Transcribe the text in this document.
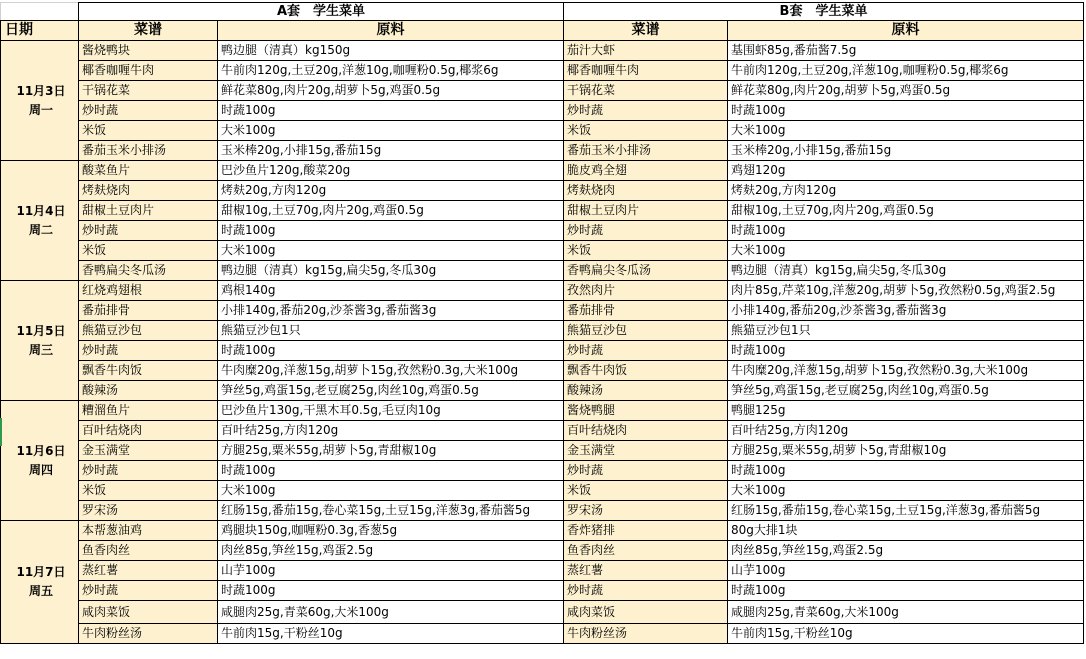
	A套　学生菜单		B套　学生菜单	
日期	菜谱	原料	菜谱	原料

11月3日
周一	酱烧鸭块	鸭边腿（清真）kg150g	茄汁大虾	基围虾85g,番茄酱7.5g
	椰香咖喱牛肉	牛前肉120g,土豆20g,洋葱10g,咖喱粉0.5g,椰浆6g	椰香咖喱牛肉	牛前肉120g,土豆20g,洋葱10g,咖喱粉0.5g,椰浆6g
	干锅花菜	鲜花菜80g,肉片20g,胡萝卜5g,鸡蛋0.5g	干锅花菜	鲜花菜80g,肉片20g,胡萝卜5g,鸡蛋0.5g
	炒时蔬	时蔬100g	炒时蔬	时蔬100g
	米饭	大米100g	米饭	大米100g
	番茄玉米小排汤	玉米棒20g,小排15g,番茄15g	番茄玉米小排汤	玉米棒20g,小排15g,番茄15g

11月4日
周二	酸菜鱼片	巴沙鱼片120g,酸菜20g	脆皮鸡全翅	鸡翅120g
	烤麸烧肉	烤麸20g,方肉120g	烤麸烧肉	烤麸20g,方肉120g
	甜椒土豆肉片	甜椒10g,土豆70g,肉片20g,鸡蛋0.5g	甜椒土豆肉片	甜椒10g,土豆70g,肉片20g,鸡蛋0.5g
	炒时蔬	时蔬100g	炒时蔬	时蔬100g
	米饭	大米100g	米饭	大米100g
	香鸭扁尖冬瓜汤	鸭边腿（清真）kg15g,扁尖5g,冬瓜30g	香鸭扁尖冬瓜汤	鸭边腿（清真）kg15g,扁尖5g,冬瓜30g

11月5日
周三	红烧鸡翅根	鸡根140g	孜然肉片	肉片85g,芹菜10g,洋葱20g,胡萝卜5g,孜然粉0.5g,鸡蛋2.5g
	番茄排骨	小排140g,番茄20g,沙茶酱3g,番茄酱3g	番茄排骨	小排140g,番茄20g,沙茶酱3g,番茄酱3g
	熊猫豆沙包	熊猫豆沙包1只	熊猫豆沙包	熊猫豆沙包1只
	炒时蔬	时蔬100g	炒时蔬	时蔬100g
	飘香牛肉饭	牛肉糜20g,洋葱15g,胡萝卜15g,孜然粉0.3g,大米100g	飘香牛肉饭	牛肉糜20g,洋葱15g,胡萝卜15g,孜然粉0.3g,大米100g
	酸辣汤	笋丝5g,鸡蛋15g,老豆腐25g,肉丝10g,鸡蛋0.5g	酸辣汤	笋丝5g,鸡蛋15g,老豆腐25g,肉丝10g,鸡蛋0.5g

11月6日
周四	糟溜鱼片	巴沙鱼片130g,干黑木耳0.5g,毛豆肉10g	酱烧鸭腿	鸭腿125g
	百叶结烧肉	百叶结25g,方肉120g	百叶结烧肉	百叶结25g,方肉120g
	金玉满堂	方腿25g,粟米55g,胡萝卜5g,青甜椒10g	金玉满堂	方腿25g,粟米55g,胡萝卜5g,青甜椒10g
	炒时蔬	时蔬100g	炒时蔬	时蔬100g
	米饭	大米100g	米饭	大米100g
	罗宋汤	红肠15g,番茄15g,卷心菜15g,土豆15g,洋葱3g,番茄酱5g	罗宋汤	红肠15g,番茄15g,卷心菜15g,土豆15g,洋葱3g,番茄酱5g

11月7日
周五	本帮葱油鸡	鸡腿块150g,咖喱粉0.3g,香葱5g	香炸猪排	80g大排1块
	鱼香肉丝	肉丝85g,笋丝15g,鸡蛋2.5g	鱼香肉丝	肉丝85g,笋丝15g,鸡蛋2.5g
	蒸红薯	山芋100g	蒸红薯	山芋100g
	炒时蔬	时蔬100g	炒时蔬	时蔬100g
	咸肉菜饭	咸腿肉25g,青菜60g,大米100g	咸肉菜饭	咸腿肉25g,青菜60g,大米100g
	牛肉粉丝汤	牛前肉15g,干粉丝10g	牛肉粉丝汤	牛前肉15g,干粉丝10g
